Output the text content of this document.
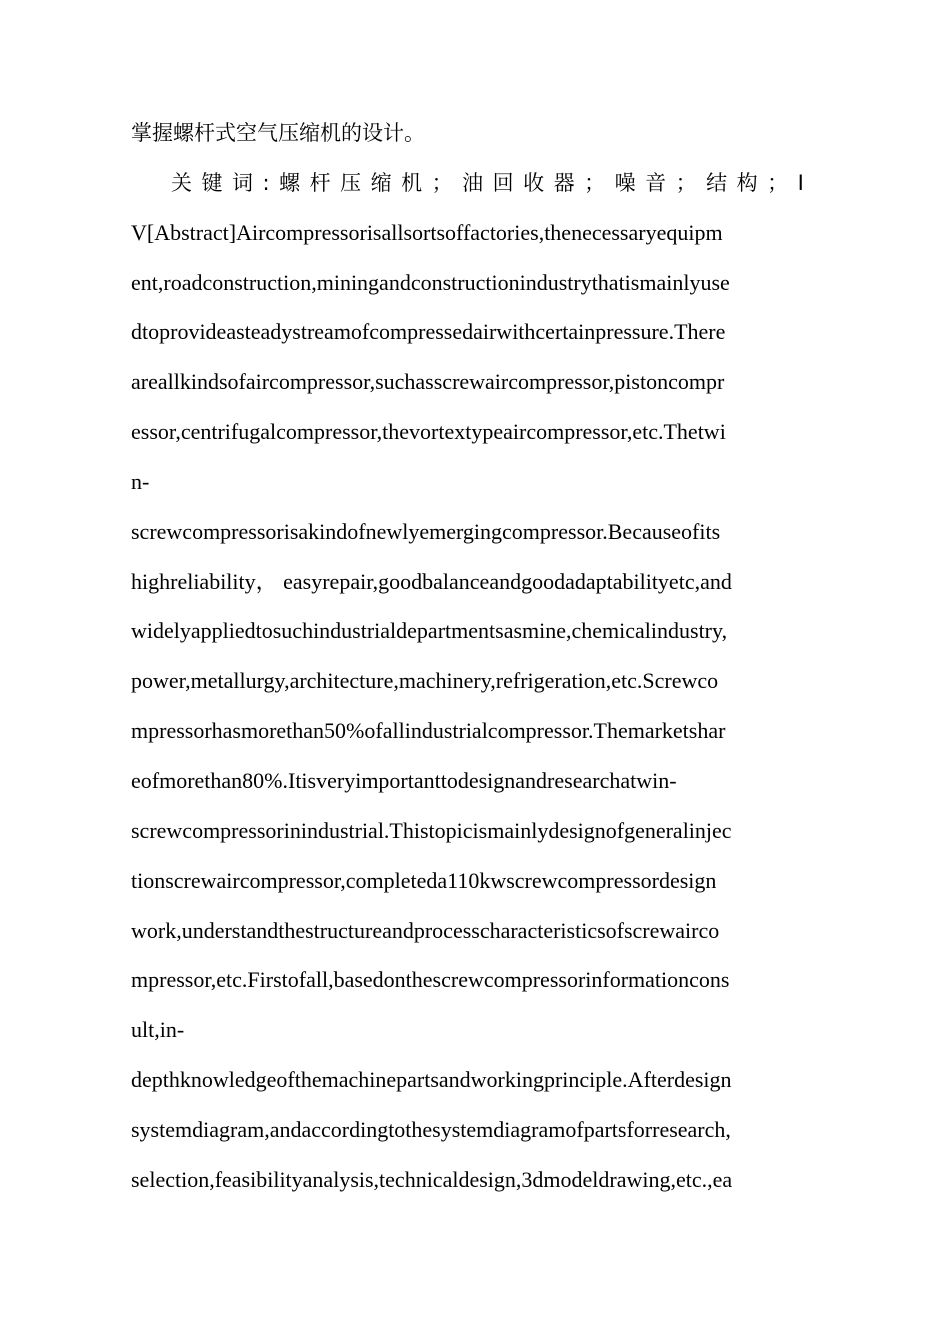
掌握螺杆式空气压缩机的设计。
关键词:螺杆压缩机；油回收器；噪音；结构；I
V[Abstract]Aircompressorisallsortsoffactories,thenecessaryequipm
ent,roadconstruction,miningandconstructionindustrythatismainlyuse
dtoprovideasteadystreamofcompressedairwithcertainpressure.There
areallkindsofaircompressor,suchasscrewaircompressor,pistoncompr
essor,centrifugalcompressor,thevortextypeaircompressor,etc.Thetwi
n-
screwcompressorisakindofnewlyemergingcompressor.Becauseofits
highreliability， easyrepair,goodbalanceandgoodadaptabilityetc,and
widelyappliedtosuchindustrialdepartmentsasmine,chemicalindustry,
power,metallurgy,architecture,machinery,refrigeration,etc.Screwco
mpressorhasmorethan50%ofallindustrialcompressor.Themarketshar
eofmorethan80%.Itisveryimportanttodesignandresearchatwin-
screwcompressorinindustrial.Thistopicismainlydesignofgeneralinjec
tionscrewaircompressor,completeda110kwscrewcompressordesign
work,understandthestructureandprocesscharacteristicsofscrewairco
mpressor,etc.Firstofall,basedonthescrewcompressorinformationcons
ult,in-
depthknowledgeofthemachinepartsandworkingprinciple.Afterdesign
systemdiagram,andaccordingtothesystemdiagramofpartsforresearch,
selection,feasibilityanalysis,technicaldesign,3dmodeldrawing,etc.,ea
